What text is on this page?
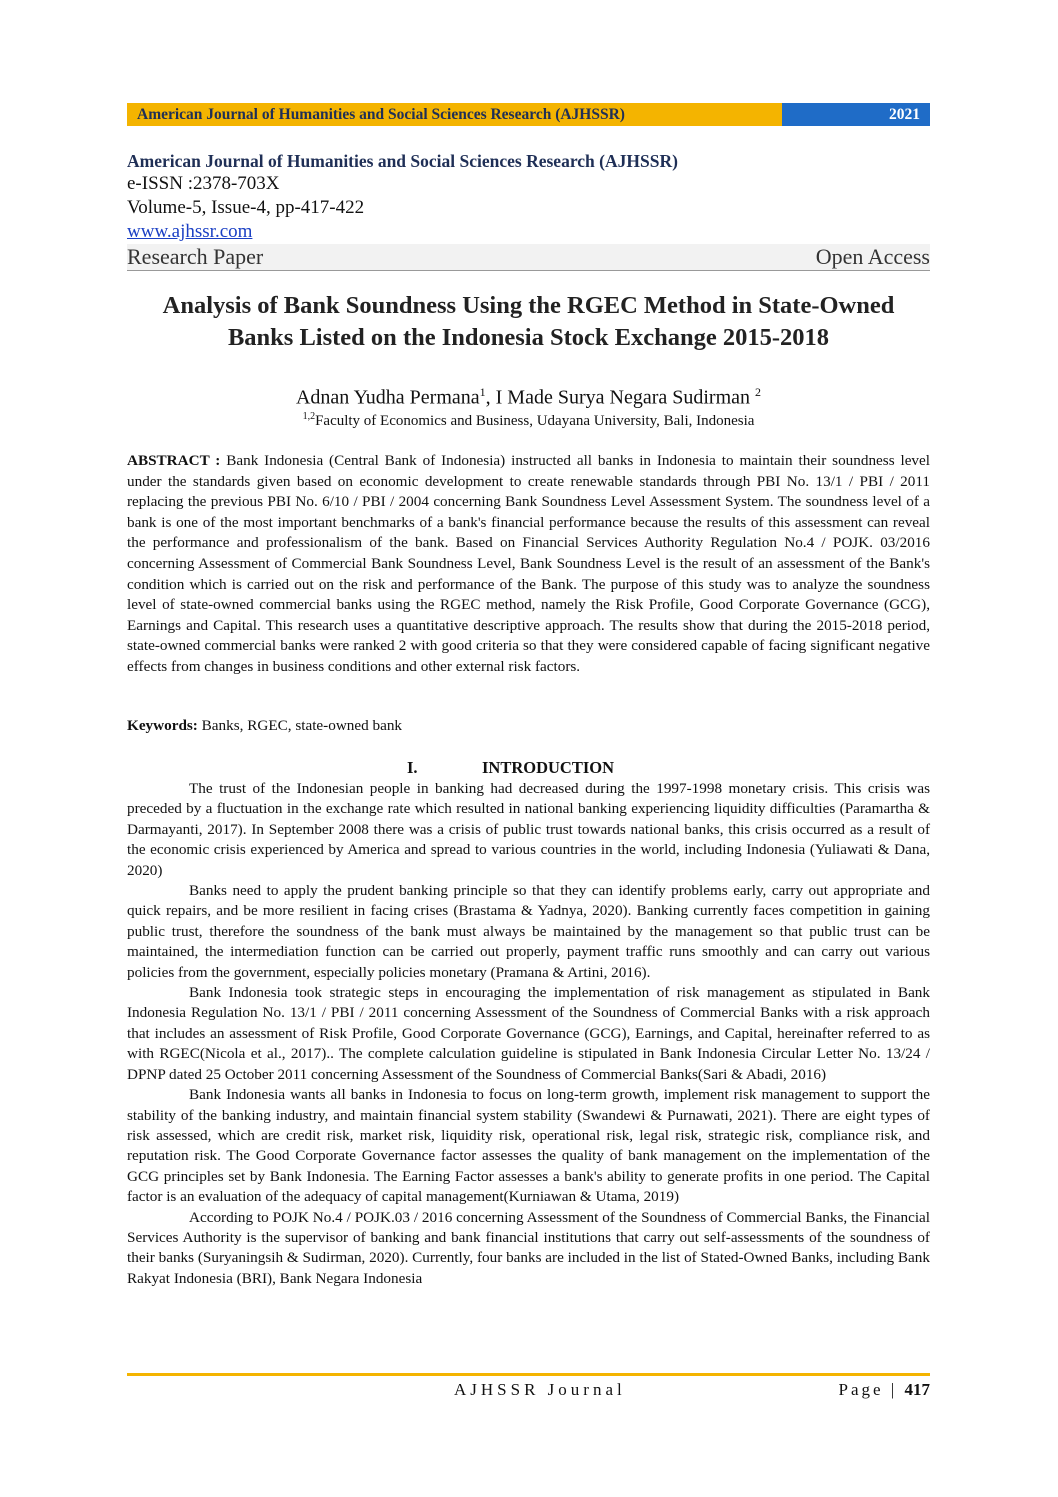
American Journal of Humanities and Social Sciences Research (AJHSSR)	2021
American Journal of Humanities and Social Sciences Research (AJHSSR)
e-ISSN :2378-703X
Volume-5, Issue-4, pp-417-422
www.ajhssr.com
Research Paper	Open Access
Analysis of Bank Soundness Using the RGEC Method in State-Owned Banks Listed on the Indonesia Stock Exchange 2015-2018
Adnan Yudha Permana$^1$, I Made Surya Negara Sudirman $^2$
$^{1,2}$Faculty of Economics and Business, Udayana University, Bali, Indonesia
ABSTRACT : Bank Indonesia (Central Bank of Indonesia) instructed all banks in Indonesia to maintain their soundness level under the standards given based on economic development to create renewable standards through PBI No. 13/1 / PBI / 2011 replacing the previous PBI No. 6/10 / PBI / 2004 concerning Bank Soundness Level Assessment System. The soundness level of a bank is one of the most important benchmarks of a bank's financial performance because the results of this assessment can reveal the performance and professionalism of the bank. Based on Financial Services Authority Regulation No.4 / POJK. 03/2016 concerning Assessment of Commercial Bank Soundness Level, Bank Soundness Level is the result of an assessment of the Bank's condition which is carried out on the risk and performance of the Bank. The purpose of this study was to analyze the soundness level of state-owned commercial banks using the RGEC method, namely the Risk Profile, Good Corporate Governance (GCG), Earnings and Capital. This research uses a quantitative descriptive approach. The results show that during the 2015-2018 period, state-owned commercial banks were ranked 2 with good criteria so that they were considered capable of facing significant negative effects from changes in business conditions and other external risk factors.
Keywords: Banks, RGEC, state-owned bank
I.	INTRODUCTION

The trust of the Indonesian people in banking had decreased during the 1997-1998 monetary crisis. This crisis was preceded by a fluctuation in the exchange rate which resulted in national banking experiencing liquidity difficulties (Paramartha & Darmayanti, 2017). In September 2008 there was a crisis of public trust towards national banks, this crisis occurred as a result of the economic crisis experienced by America and spread to various countries in the world, including Indonesia (Yuliawati & Dana, 2020)

Banks need to apply the prudent banking principle so that they can identify problems early, carry out appropriate and quick repairs, and be more resilient in facing crises (Brastama & Yadnya, 2020). Banking currently faces competition in gaining public trust, therefore the soundness of the bank must always be maintained by the management so that public trust can be maintained, the intermediation function can be carried out properly, payment traffic runs smoothly and can carry out various policies from the government, especially policies monetary (Pramana & Artini, 2016).

Bank Indonesia took strategic steps in encouraging the implementation of risk management as stipulated in Bank Indonesia Regulation No. 13/1 / PBI / 2011 concerning Assessment of the Soundness of Commercial Banks with a risk approach that includes an assessment of Risk Profile, Good Corporate Governance (GCG), Earnings, and Capital, hereinafter referred to as with RGEC(Nicola et al., 2017).. The complete calculation guideline is stipulated in Bank Indonesia Circular Letter No. 13/24 / DPNP dated 25 October 2011 concerning Assessment of the Soundness of Commercial Banks(Sari & Abadi, 2016)

Bank Indonesia wants all banks in Indonesia to focus on long-term growth, implement risk management to support the stability of the banking industry, and maintain financial system stability (Swandewi & Purnawati, 2021). There are eight types of risk assessed, which are credit risk, market risk, liquidity risk, operational risk, legal risk, strategic risk, compliance risk, and reputation risk. The Good Corporate Governance factor assesses the quality of bank management on the implementation of the GCG principles set by Bank Indonesia. The Earning Factor assesses a bank's ability to generate profits in one period. The Capital factor is an evaluation of the adequacy of capital management(Kurniawan & Utama, 2019)

According to POJK No.4 / POJK.03 / 2016 concerning Assessment of the Soundness of Commercial Banks, the Financial Services Authority is the supervisor of banking and bank financial institutions that carry out self-assessments of the soundness of their banks (Suryaningsih & Sudirman, 2020). Currently, four banks are included in the list of Stated-Owned Banks, including Bank Rakyat Indonesia (BRI), Bank Negara Indonesia

AJHSSR Journal	Page | 417
